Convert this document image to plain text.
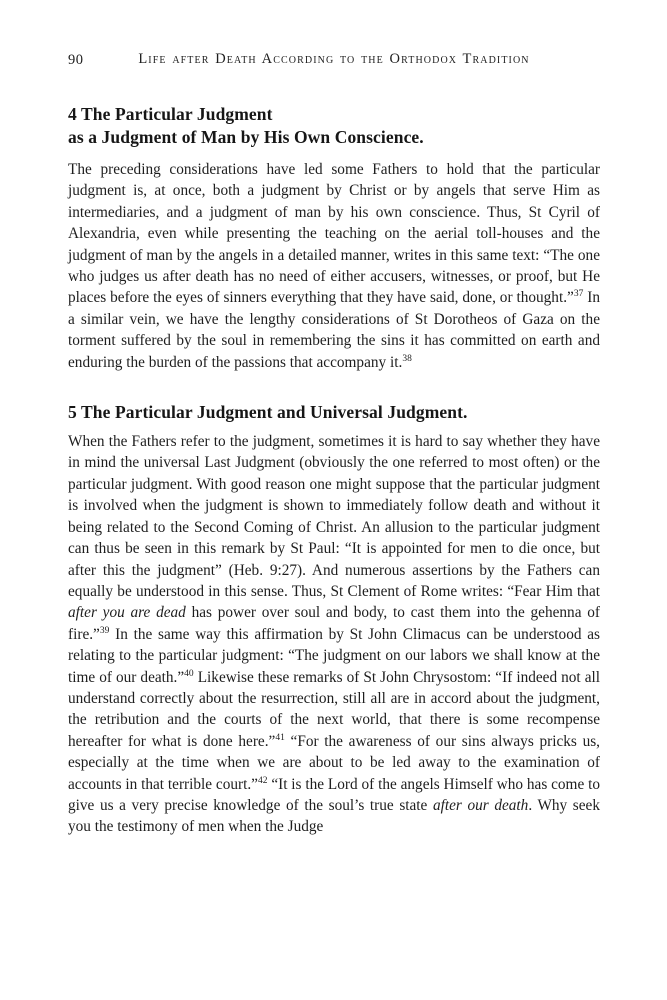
90	Life after Death According to the Orthodox Tradition
4 The Particular Judgment
as a Judgment of Man by His Own Conscience.

The preceding considerations have led some Fathers to hold that the particular judgment is, at once, both a judgment by Christ or by angels that serve Him as intermediaries, and a judgment of man by his own conscience. Thus, St Cyril of Alexandria, even while presenting the teaching on the aerial toll-houses and the judgment of man by the angels in a detailed manner, writes in this same text: “The one who judges us after death has no need of either accusers, witnesses, or proof, but He places before the eyes of sinners everything that they have said, done, or thought.”$^{37}$ In a similar vein, we have the lengthy considerations of St Dorotheos of Gaza on the torment suffered by the soul in remembering the sins it has committed on earth and enduring the burden of the passions that accompany it.$^{38}$

5 The Particular Judgment and Universal Judgment.

When the Fathers refer to the judgment, sometimes it is hard to say whether they have in mind the universal Last Judgment (obviously the one referred to most often) or the particular judgment. With good reason one might suppose that the particular judgment is involved when the judgment is shown to immediately follow death and without it being related to the Second Coming of Christ. An allusion to the particular judgment can thus be seen in this remark by St Paul: “It is appointed for men to die once, but after this the judgment” (Heb. 9:27). And numerous assertions by the Fathers can equally be understood in this sense. Thus, St Clement of Rome writes: “Fear Him that after you are dead has power over soul and body, to cast them into the gehenna of fire.”$^{39}$ In the same way this affirmation by St John Climacus can be understood as relating to the particular judgment: “The judgment on our labors we shall know at the time of our death.”$^{40}$ Likewise these remarks of St John Chrysostom: “If indeed not all understand correctly about the resurrection, still all are in accord about the judgment, the retribution and the courts of the next world, that there is some recompense hereafter for what is done here.”$^{41}$ “For the awareness of our sins always pricks us, especially at the time when we are about to be led away to the examination of accounts in that terrible court.”$^{42}$ “It is the Lord of the angels Himself who has come to give us a very precise knowledge of the soul’s true state after our death. Why seek you the testimony of men when the Judge
